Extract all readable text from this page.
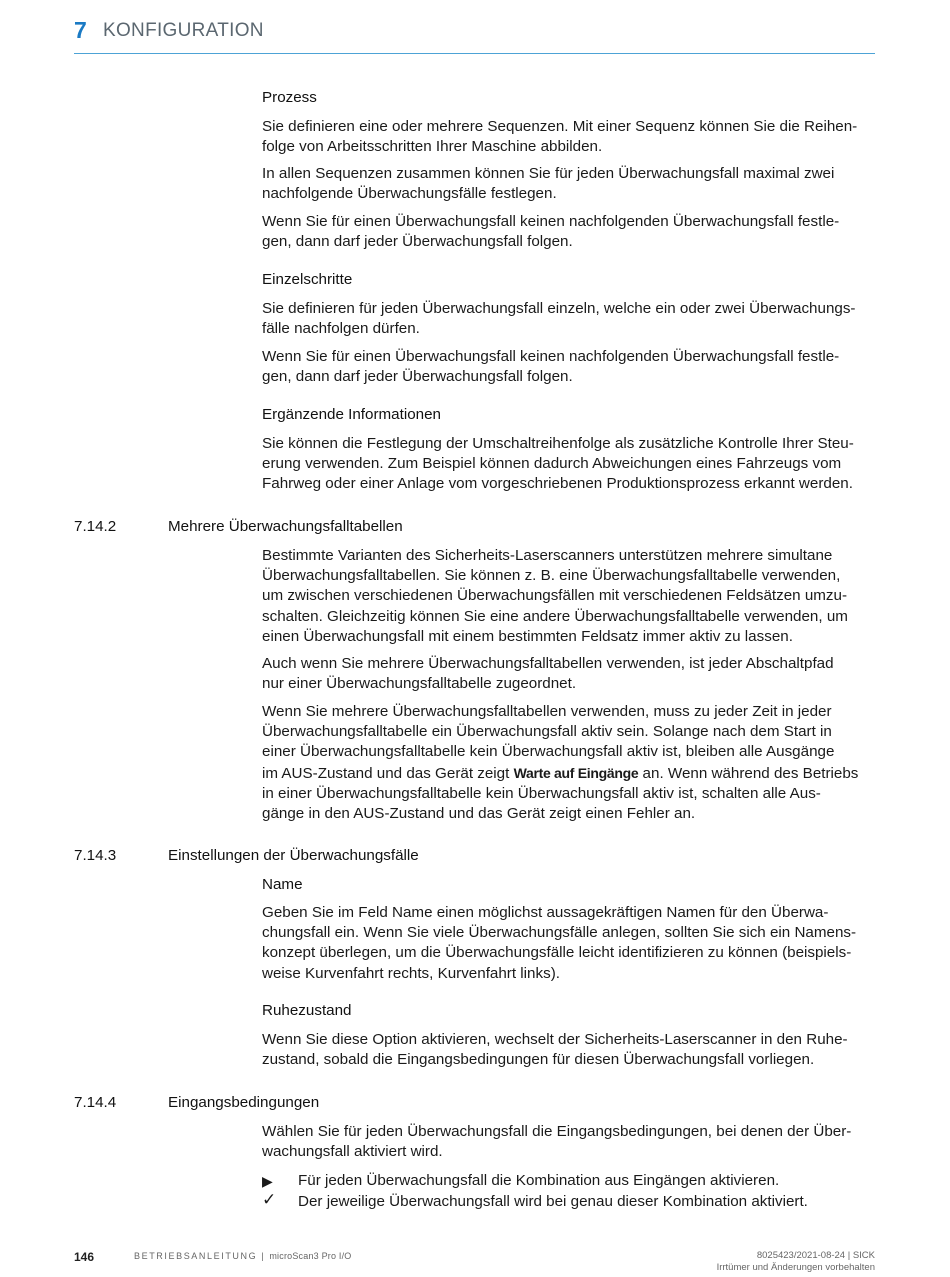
7 KONFIGURATION
Prozess
Sie definieren eine oder mehrere Sequenzen. Mit einer Sequenz können Sie die Reihen-
folge von Arbeitsschritten Ihrer Maschine abbilden.
In allen Sequenzen zusammen können Sie für jeden Überwachungsfall maximal zwei
nachfolgende Überwachungsfälle festlegen.
Wenn Sie für einen Überwachungsfall keinen nachfolgenden Überwachungsfall festle-
gen, dann darf jeder Überwachungsfall folgen.
Einzelschritte
Sie definieren für jeden Überwachungsfall einzeln, welche ein oder zwei Überwachungs-
fälle nachfolgen dürfen.
Wenn Sie für einen Überwachungsfall keinen nachfolgenden Überwachungsfall festle-
gen, dann darf jeder Überwachungsfall folgen.
Ergänzende Informationen
Sie können die Festlegung der Umschaltreihenfolge als zusätzliche Kontrolle Ihrer Steu-
erung verwenden. Zum Beispiel können dadurch Abweichungen eines Fahrzeugs vom
Fahrweg oder einer Anlage vom vorgeschriebenen Produktionsprozess erkannt werden.
7.14.2	Mehrere Überwachungsfalltabellen
Bestimmte Varianten des Sicherheits-Laserscanners unterstützen mehrere simultane
Überwachungsfalltabellen. Sie können z. B. eine Überwachungsfalltabelle verwenden,
um zwischen verschiedenen Überwachungsfällen mit verschiedenen Feldsätzen umzu-
schalten. Gleichzeitig können Sie eine andere Überwachungsfalltabelle verwenden, um
einen Überwachungsfall mit einem bestimmten Feldsatz immer aktiv zu lassen.
Auch wenn Sie mehrere Überwachungsfalltabellen verwenden, ist jeder Abschaltpfad
nur einer Überwachungsfalltabelle zugeordnet.
Wenn Sie mehrere Überwachungsfalltabellen verwenden, muss zu jeder Zeit in jeder
Überwachungsfalltabelle ein Überwachungsfall aktiv sein. Solange nach dem Start in
einer Überwachungsfalltabelle kein Überwachungsfall aktiv ist, bleiben alle Ausgänge
im AUS-Zustand und das Gerät zeigt Warte auf Eingänge an. Wenn während des Betriebs
in einer Überwachungsfalltabelle kein Überwachungsfall aktiv ist, schalten alle Aus-
gänge in den AUS-Zustand und das Gerät zeigt einen Fehler an.
7.14.3	Einstellungen der Überwachungsfälle
Name
Geben Sie im Feld Name einen möglichst aussagekräftigen Namen für den Überwa-
chungsfall ein. Wenn Sie viele Überwachungsfälle anlegen, sollten Sie sich ein Namens-
konzept überlegen, um die Überwachungsfälle leicht identifizieren zu können (beispiels-
weise Kurvenfahrt rechts, Kurvenfahrt links).
Ruhezustand
Wenn Sie diese Option aktivieren, wechselt der Sicherheits-Laserscanner in den Ruhe-
zustand, sobald die Eingangsbedingungen für diesen Überwachungsfall vorliegen.
7.14.4	Eingangsbedingungen
Wählen Sie für jeden Überwachungsfall die Eingangsbedingungen, bei denen der Über-
wachungsfall aktiviert wird.
▶	Für jeden Überwachungsfall die Kombination aus Eingängen aktivieren.
✓	Der jeweilige Überwachungsfall wird bei genau dieser Kombination aktiviert.
146	BETRIEBSANLEITUNG | microScan3 Pro I/O	8025423/2021-08-24 | SICK
Irrtümer und Änderungen vorbehalten
